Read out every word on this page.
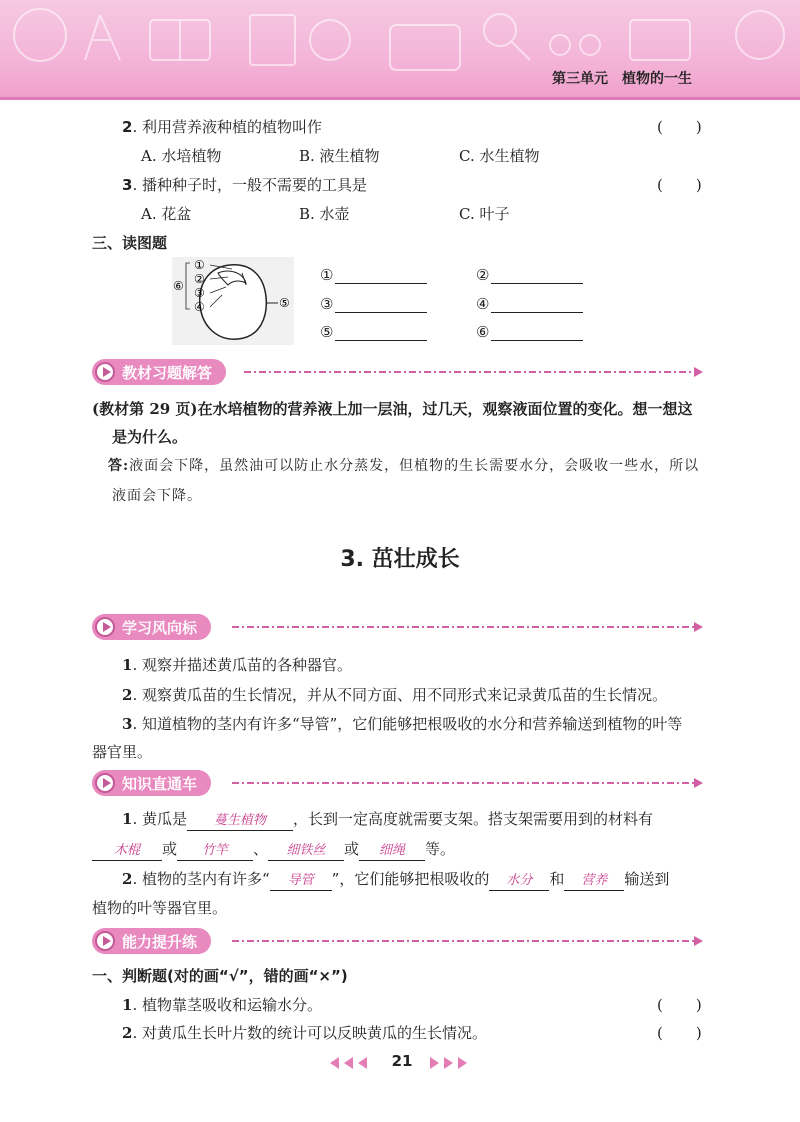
第三单元　植物的一生
2. 利用营养液种植的植物叫作	(　　)
A. 水培植物	B. 液生植物	C. 水生植物
3. 播种种子时，一般不需要的工具是	(　　)
A. 花盆	B. 水壶	C. 叶子
三、读图题
①
②
③
④	⑤
⑥
①	②
③	④
⑤	⑥
教材习题解答
(教材第 29 页)在水培植物的营养液上加一层油，过几天，观察液面位置的变化。想一想这
是为什么。
答:液面会下降，虽然油可以防止水分蒸发，但植物的生长需要水分，会吸收一些水，所以
液面会下降。
3. 茁壮成长
学习风向标
1. 观察并描述黄瓜苗的各种器官。
2. 观察黄瓜苗的生长情况，并从不同方面、用不同形式来记录黄瓜苗的生长情况。
3. 知道植物的茎内有许多“导管”，它们能够把根吸收的水分和营养输送到植物的叶等
器官里。
知识直通车
1. 黄瓜是 蔓生植物 ，长到一定高度就需要支架。搭支架需要用到的材料有
木棍 或 竹竿 、 细铁丝 或 细绳 等。
2. 植物的茎内有许多“ 导管 ”，它们能够把根吸收的 水分 和 营养 输送到
植物的叶等器官里。
能力提升练
一、判断题(对的画“√”，错的画“×”)
1. 植物靠茎吸收和运输水分。	(　　)
2. 对黄瓜生长叶片数的统计可以反映黄瓜的生长情况。	(　　)
21
